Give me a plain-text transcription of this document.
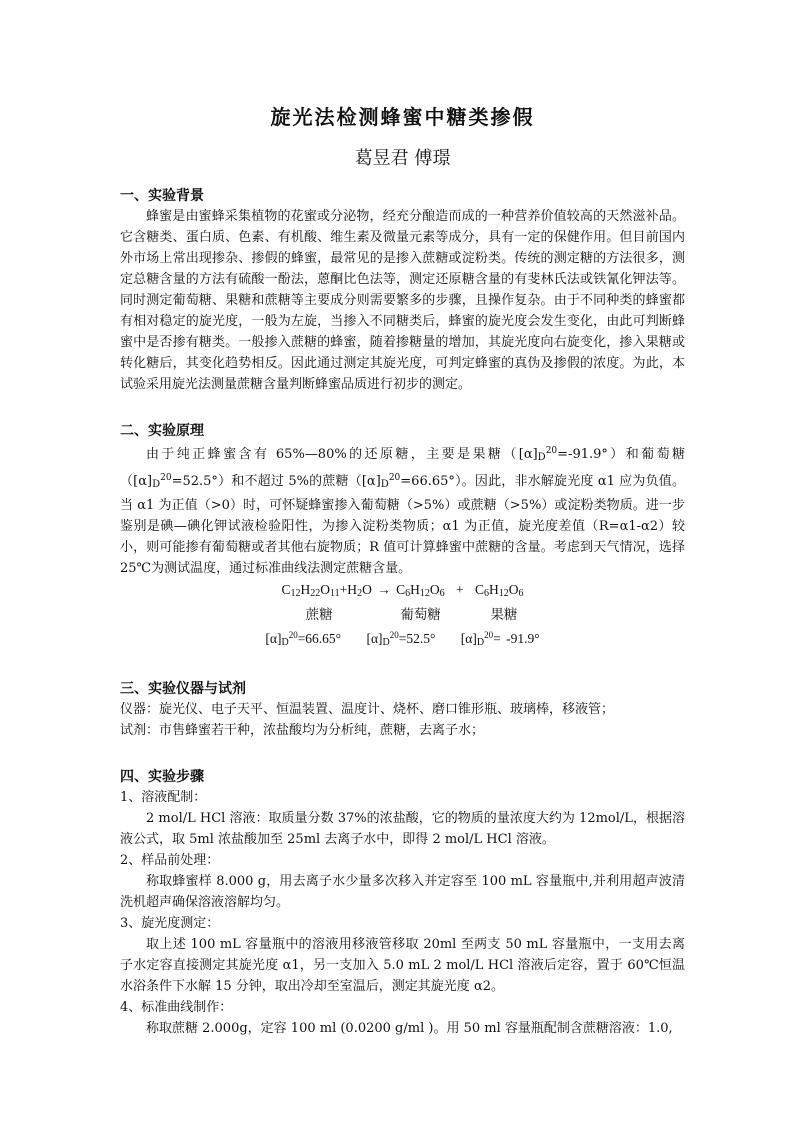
旋光法检测蜂蜜中糖类掺假
葛昱君 傅璟
一、实验背景

蜂蜜是由蜜蜂采集植物的花蜜或分泌物，经充分酿造而成的一种营养价值较高的天然滋补品。它含糖类、蛋白质、色素、有机酸、维生素及微量元素等成分，具有一定的保健作用。但目前国内外市场上常出现掺杂、掺假的蜂蜜，最常见的是掺入蔗糖或淀粉类。传统的测定糖的方法很多，测定总糖含量的方法有硫酸一酚法，蒽酮比色法等，测定还原糖含量的有斐林氏法或铁氰化钾法等。同时测定葡萄糖、果糖和蔗糖等主要成分则需要繁多的步骤，且操作复杂。由于不同种类的蜂蜜都有相对稳定的旋光度，一般为左旋，当掺入不同糖类后，蜂蜜的旋光度会发生变化，由此可判断蜂蜜中是否掺有糖类。一般掺入蔗糖的蜂蜜，随着掺糖量的增加，其旋光度向右旋变化，掺入果糖或转化糖后，其变化趋势相反。因此通过测定其旋光度，可判定蜂蜜的真伪及掺假的浓度。为此，本试验采用旋光法测量蔗糖含量判断蜂蜜品质进行初步的测定。

二、实验原理

由于纯正蜂蜜含有 65%—80%的还原糖，主要是果糖$([\alpha]_D^{20}=-91.9^\circ)$和葡萄糖$([\alpha]_D^{20}=52.5^\circ)$和不超过 5%的蔗糖$([\alpha]_D^{20}=66.65^\circ)$。因此，非水解旋光度 α1 应为负值。当 α1 为正值（>0）时，可怀疑蜂蜜掺入葡萄糖（>5%）或蔗糖（>5%）或淀粉类物质。进一步鉴别是碘—碘化钾试液检验阳性，为掺入淀粉类物质；α1 为正值，旋光度差值（R=α1-α2）较小，则可能掺有葡萄糖或者其他右旋物质；R 值可计算蜂蜜中蔗糖的含量。考虑到天气情况，选择 25℃为测试温度，通过标准曲线法测定蔗糖含量。

$C_{12}H_{22}O_{11}+H_2O \to C_6H_{12}O_6 + C_6H_{12}O_6$
蔗糖	葡萄糖	果糖
$[\alpha]_D^{20}=66.65^\circ$ $[\alpha]_D^{20}=52.5^\circ$ $[\alpha]_D^{20}= -91.9^\circ$
三、实验仪器与试剂

仪器：旋光仪、电子天平、恒温装置、温度计、烧杯、磨口锥形瓶、玻璃棒，移液管；

试剂：市售蜂蜜若干种，浓盐酸均为分析纯，蔗糖，去离子水；

四、实验步骤

1、溶液配制：

2 mol/L HCl 溶液：取质量分数 37%的浓盐酸，它的物质的量浓度大约为 12mol/L，根据溶液公式，取 5ml 浓盐酸加至 25ml 去离子水中，即得 2 mol/L HCl 溶液。

2、样品前处理：

称取蜂蜜样 8.000 g，用去离子水少量多次移入并定容至 100 mL 容量瓶中,并利用超声波清洗机超声确保溶液溶解均匀。

3、旋光度测定：

取上述 100 mL 容量瓶中的溶液用移液管移取 20ml 至两支 50 mL 容量瓶中，一支用去离子水定容直接测定其旋光度 α1，另一支加入 5.0 mL 2 mol/L HCl 溶液后定容，置于 60℃恒温水浴条件下水解 15 分钟，取出冷却至室温后，测定其旋光度 α2。

4、标准曲线制作：

称取蔗糖 2.000g，定容 100 ml (0.0200 g/ml )。用 50 ml 容量瓶配制含蔗糖溶液：1.0,
